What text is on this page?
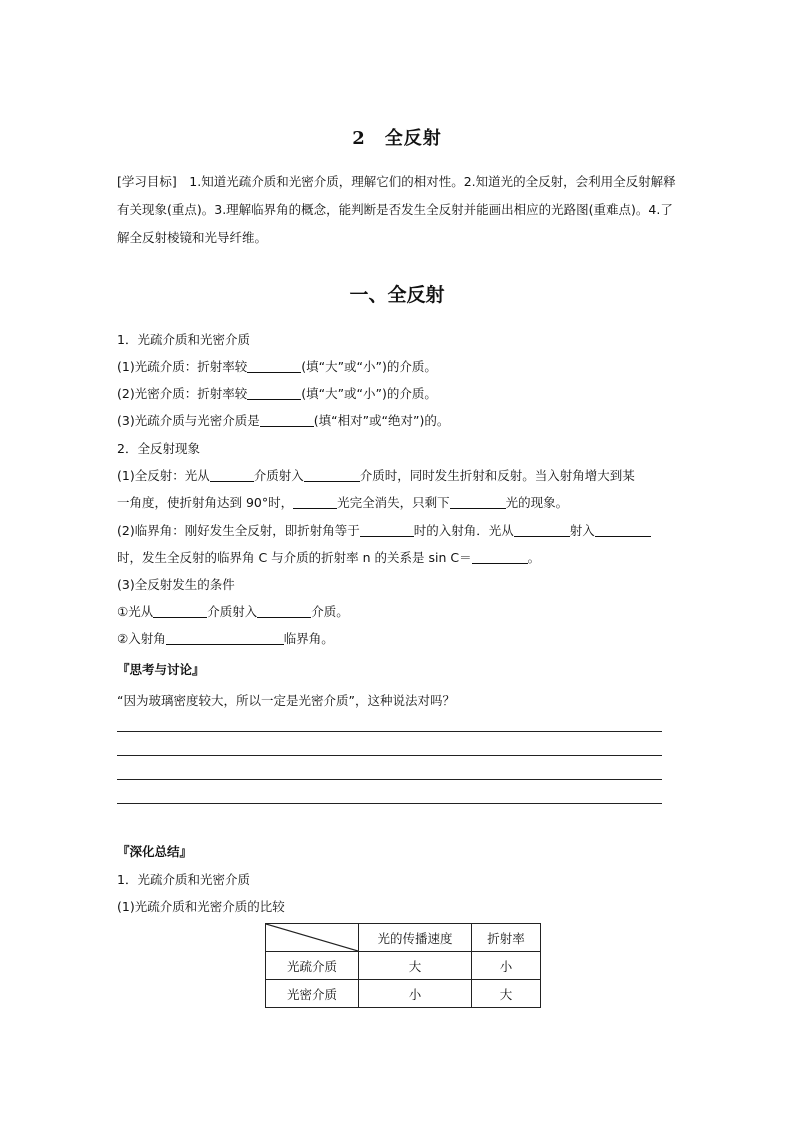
2　全反射
[学习目标]　1.知道光疏介质和光密介质，理解它们的相对性。2.知道光的全反射，会利用全反射解释有关现象(重点)。3.理解临界角的概念，能判断是否发生全反射并能画出相应的光路图(重难点)。4.了解全反射棱镜和光导纤维。
一、全反射
1．光疏介质和光密介质
(1)光疏介质：折射率较	(填“大”或“小”)的介质。
(2)光密介质：折射率较	(填“大”或“小”)的介质。
(3)光疏介质与光密介质是	(填“相对”或“绝对”)的。
2．全反射现象
(1)全反射：光从	介质射入	介质时，同时发生折射和反射。当入射角增大到某
一角度，使折射角达到 90°时，	光完全消失，只剩下	光的现象。
(2)临界角：刚好发生全反射，即折射角等于	时的入射角．光从	射入
时，发生全反射的临界角 C 与介质的折射率 n 的关系是 sin C＝	。
(3)全反射发生的条件
①光从	介质射入	介质。
②入射角	临界角。
『思考与讨论』
“因为玻璃密度较大，所以一定是光密介质”，这种说法对吗？
『深化总结』
1．光疏介质和光密介质
(1)光疏介质和光密介质的比较
	光的传播速度	折射率
光疏介质	大	小
光密介质	小	大
